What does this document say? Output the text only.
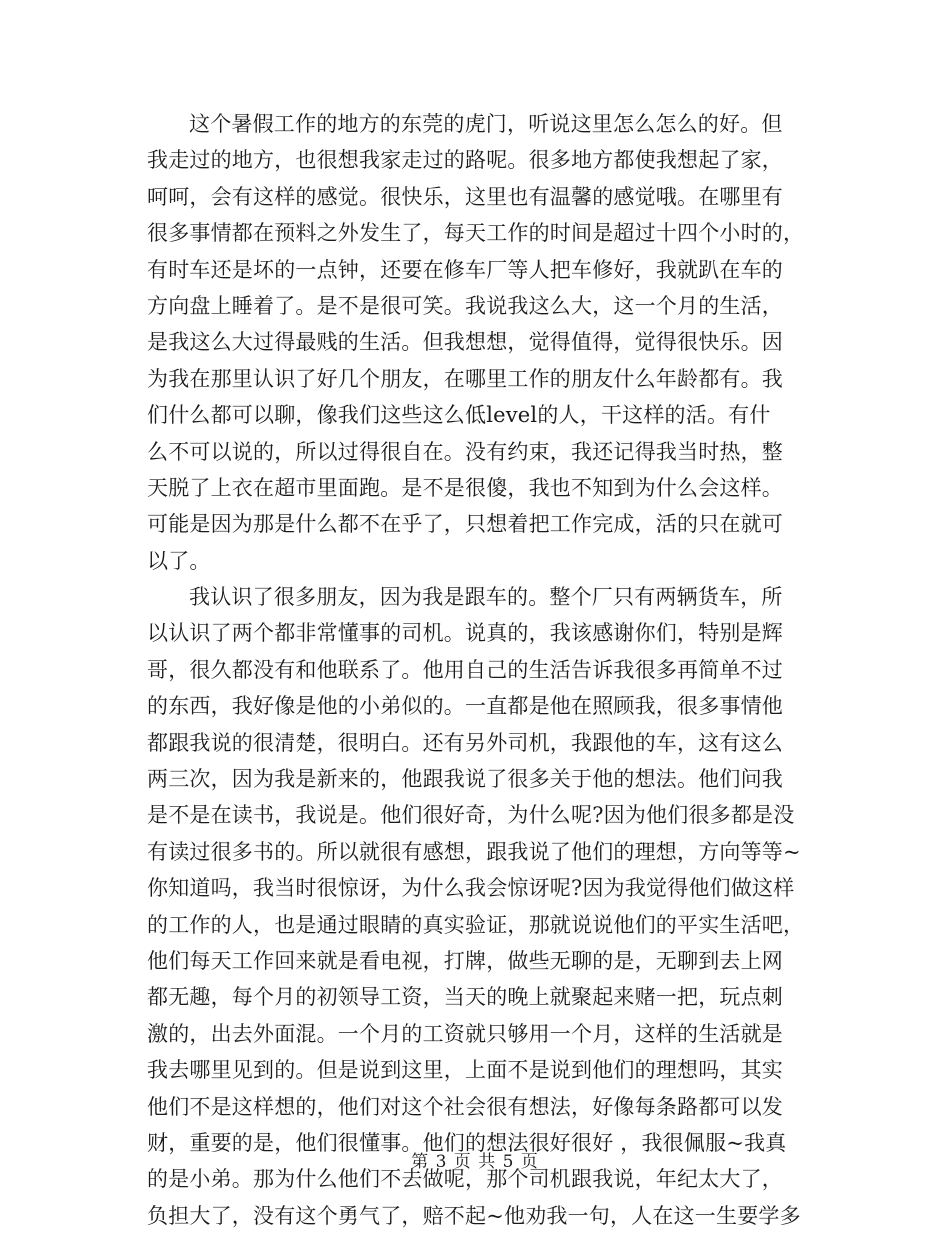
这个暑假工作的地方的东莞的虎门，听说这里怎么怎么的好。但
我走过的地方，也很想我家走过的路呢。很多地方都使我想起了家，
呵呵，会有这样的感觉。很快乐，这里也有温馨的感觉哦。在哪里有
很多事情都在预料之外发生了，每天工作的时间是超过十四个小时的，
有时车还是坏的一点钟，还要在修车厂等人把车修好，我就趴在车的
方向盘上睡着了。是不是很可笑。我说我这么大，这一个月的生活，
是我这么大过得最贱的生活。但我想想，觉得值得，觉得很快乐。因
为我在那里认识了好几个朋友，在哪里工作的朋友什么年龄都有。我
们什么都可以聊，像我们这些这么低level的人，干这样的活。有什
么不可以说的，所以过得很自在。没有约束，我还记得我当时热，整
天脱了上衣在超市里面跑。是不是很傻，我也不知到为什么会这样。
可能是因为那是什么都不在乎了，只想着把工作完成，活的只在就可
以了。
我认识了很多朋友，因为我是跟车的。整个厂只有两辆货车，所
以认识了两个都非常懂事的司机。说真的，我该感谢你们，特别是辉
哥，很久都没有和他联系了。他用自己的生活告诉我很多再简单不过
的东西，我好像是他的小弟似的。一直都是他在照顾我，很多事情他
都跟我说的很清楚，很明白。还有另外司机，我跟他的车，这有这么
两三次，因为我是新来的，他跟我说了很多关于他的想法。他们问我
是不是在读书，我说是。他们很好奇，为什么呢?因为他们很多都是没
有读过很多书的。所以就很有感想，跟我说了他们的理想，方向等等~
你知道吗，我当时很惊讶，为什么我会惊讶呢?因为我觉得他们做这样
的工作的人，也是通过眼睛的真实验证，那就说说他们的平实生活吧，
他们每天工作回来就是看电视，打牌，做些无聊的是，无聊到去上网
都无趣，每个月的初领导工资，当天的晚上就聚起来赌一把，玩点刺
激的，出去外面混。一个月的工资就只够用一个月，这样的生活就是
我去哪里见到的。但是说到这里，上面不是说到他们的理想吗，其实
他们不是这样想的，他们对这个社会很有想法，好像每条路都可以发
财，重要的是，他们很懂事。他们的想法很好很好 ，我很佩服~我真
的是小弟。那为什么他们不去做呢，那个司机跟我说，年纪太大了，
负担大了，没有这个勇气了，赔不起~他劝我一句，人在这一生要学多
第 3 页 共 5 页
